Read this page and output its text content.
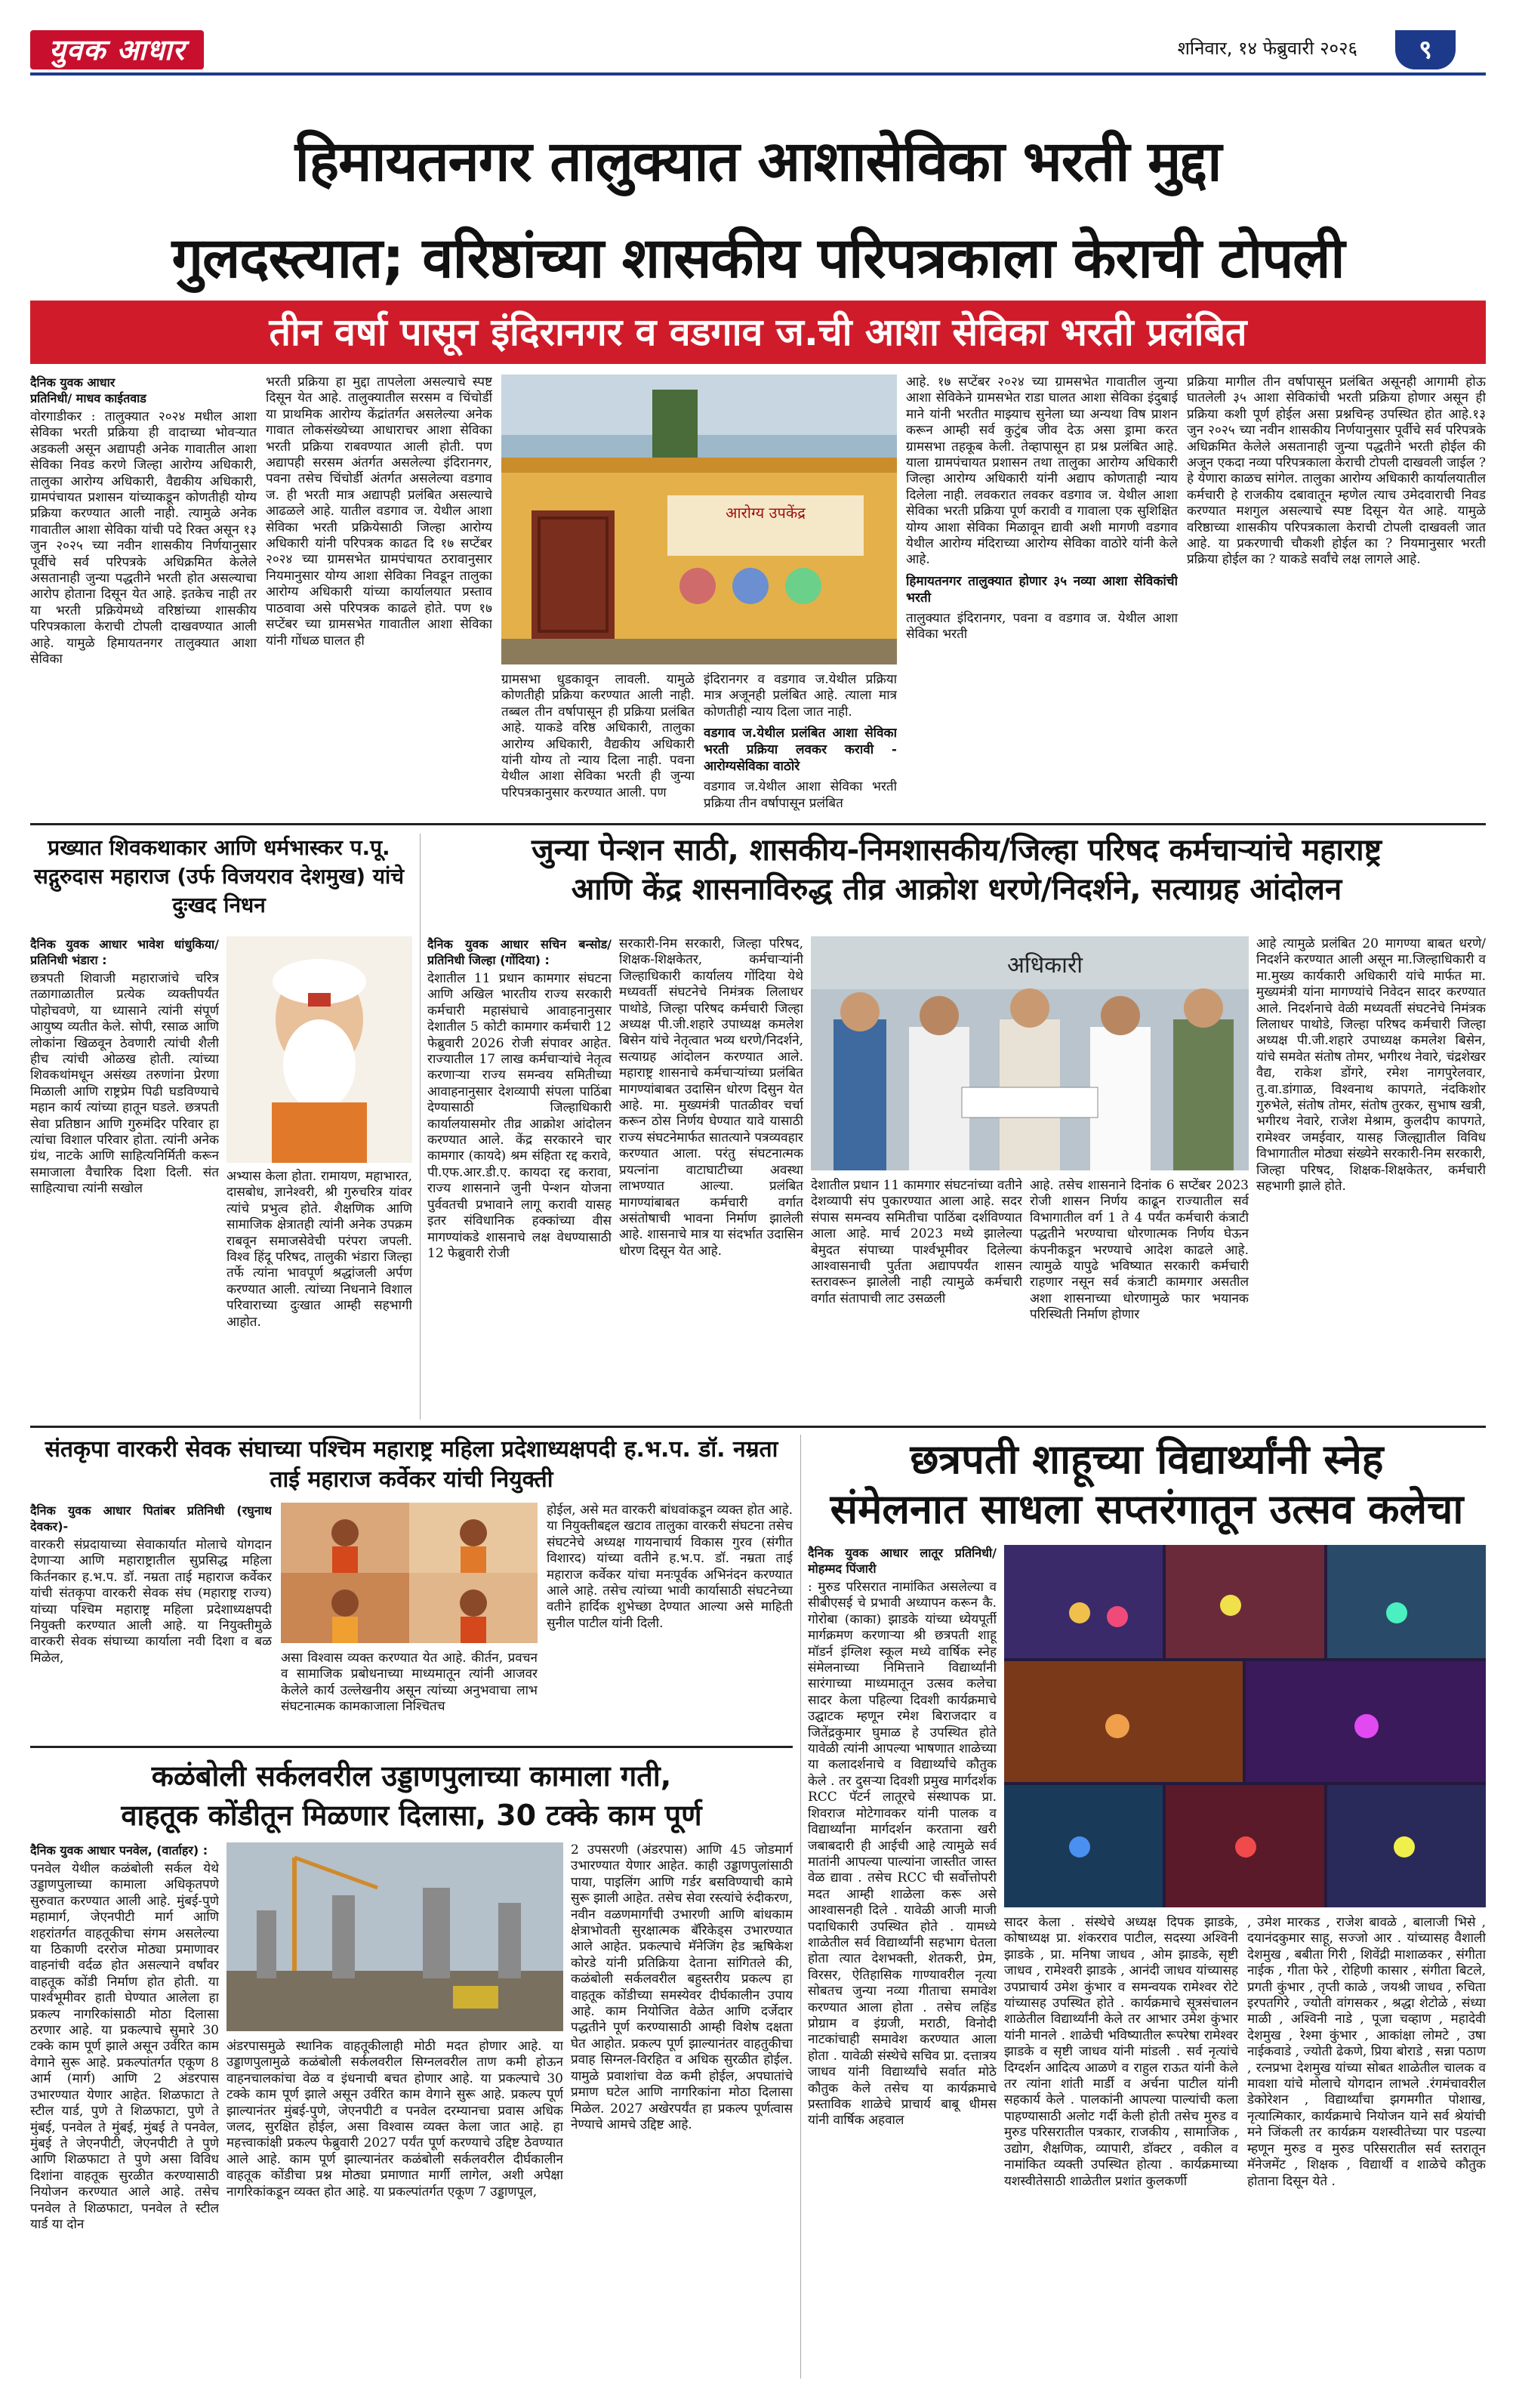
युवक आधार	शनिवार, १४ फेब्रुवारी २०२६	९
हिमायतनगर तालुक्यात आशासेविका भरती मुद्दा
गुलदस्त्यात; वरिष्ठांच्या शासकीय परिपत्रकाला केराची टोपली
तीन वर्षा पासून इंदिरानगर व वडगाव ज.ची आशा सेविका भरती प्रलंबित
दैनिक युवक आधार
प्रतिनिधी/ माधव काईतवाड
वोरगाडीकर : तालुक्यात २०२४ मधील आशा सेविका भरती प्रक्रिया ही वादाच्या भोवऱ्यात अडकली असून अद्यापही अनेक गावातील आशा सेविका निवड करणे जिल्हा आरोग्य अधिकारी, तालुका आरोग्य अधिकारी, वैद्यकीय अधिकारी, ग्रामपंचायत प्रशासन यांच्याकडून कोणतीही योग्य प्रक्रिया करण्यात आली नाही. त्यामुळे अनेक गावातील आशा सेविका यांची पदे रिक्त असून १३ जुन २०२५ च्या नवीन शासकीय निर्णयानुसार पूर्वीचे सर्व परिपत्रके अधिक्रमित केलेले असतानाही जुन्या पद्धतीने भरती होत असल्याचा आरोप होताना दिसून येत आहे. इतकेच नाही तर या भरती प्रक्रियेमध्ये वरिष्ठांच्या शासकीय परिपत्रकाला केराची टोपली दाखवण्यात आली आहे. यामुळे हिमायतनगर तालुक्यात आशा सेविका
भरती प्रक्रिया हा मुद्दा तापलेला असल्याचे स्पष्ट दिसून येत आहे. तालुक्यातील सरसम व चिंचोर्डी या प्राथमिक आरोग्य केंद्रांतर्गत असलेल्या अनेक गावात लोकसंख्येच्या आधाराचर आशा सेविका भरती प्रक्रिया राबवण्यात आली होती. पण अद्यापही सरसम अंतर्गत असलेल्या इंदिरानगर, पवना तसेच चिंचोर्डी अंतर्गत असलेल्या वडगाव ज. ही भरती मात्र अद्यापही प्रलंबित असल्याचे आढळले आहे. यातील वडगाव ज. येथील आशा सेविका भरती प्रक्रियेसाठी जिल्हा आरोग्य अधिकारी यांनी परिपत्रक काढत दि १७ सप्टेंबर २०२४ च्या ग्रामसभेत ग्रामपंचायत ठरावानुसार नियमानुसार योग्य आशा सेविका निवडून तालुका आरोग्य अधिकारी यांच्या कार्यालयात प्रस्ताव पाठवावा असे परिपत्रक काढले होते. पण १७ सप्टेंबर च्या ग्रामसभेत गावातील आशा सेविका यांनी गोंधळ घालत ही
आरोग्य उपकेंद्र
ग्रामसभा धुडकावून लावली. यामुळे कोणतीही प्रक्रिया करण्यात आली नाही. तब्बल तीन वर्षापासून ही प्रक्रिया प्रलंबित आहे. याकडे वरिष्ठ अधिकारी, तालुका आरोग्य अधिकारी, वैद्यकीय अधिकारी यांनी योग्य तो न्याय दिला नाही. पवना येथील आशा सेविका भरती ही जुन्या परिपत्रकानुसार करण्यात आली. पण
इंदिरानगर व वडगाव ज.येथील प्रक्रिया मात्र अजूनही प्रलंबित आहे. त्याला मात्र कोणतीही न्याय दिला जात नाही.
वडगाव ज.येथील प्रलंबित आशा सेविका भरती प्रक्रिया लवकर करावी - आरोग्यसेविका वाठोरे
वडगाव ज.येथील आशा सेविका भरती प्रक्रिया तीन वर्षापासून प्रलंबित
आहे. १७ सप्टेंबर २०२४ च्या ग्रामसभेत गावातील जुन्या आशा सेविकेने ग्रामसभेत राडा घालत आशा सेविका इंदुबाई माने यांनी भरतीत माझ्याच सुनेला घ्या अन्यथा विष प्राशन करून आम्ही सर्व कुटुंब जीव देऊ असा ड्रामा करत ग्रामसभा तहकूब केली. तेव्हापासून हा प्रश्न प्रलंबित आहे. याला ग्रामपंचायत प्रशासन तथा तालुका आरोग्य अधिकारी जिल्हा आरोग्य अधिकारी यांनी अद्याप कोणताही न्याय दिलेला नाही. लवकरात लवकर वडगाव ज. येथील आशा सेविका भरती प्रक्रिया पूर्ण करावी व गावाला एक सुशिक्षित योग्य आशा सेविका मिळावून द्यावी अशी मागणी वडगाव येथील आरोग्य मंदिराच्या आरोग्य सेविका वाठोरे यांनी केले आहे.
हिमायतनगर तालुक्यात होणार ३५ नव्या आशा सेविकांची भरती
तालुक्यात इंदिरानगर, पवना व वडगाव ज. येथील आशा सेविका भरती
प्रक्रिया मागील तीन वर्षापासून प्रलंबित असूनही आगामी होऊ घातलेली ३५ आशा सेविकांची भरती प्रक्रिया होणार असून ही प्रक्रिया कशी पूर्ण होईल असा प्रश्नचिन्ह उपस्थित होत आहे.१३ जुन २०२५ च्या नवीन शासकीय निर्णयानुसार पूर्वीचे सर्व परिपत्रके अधिक्रमित केलेले असतानाही जुन्या पद्धतीने भरती होईल की अजून एकदा नव्या परिपत्रकाला केराची टोपली दाखवली जाईल ? हे येणारा काळच सांगेल. तालुका आरोग्य अधिकारी कार्यालयातील कर्मचारी हे राजकीय दबावातून म्हणेल त्याच उमेदवाराची निवड करण्यात मशगुल असल्याचे स्पष्ट दिसून येत आहे. यामुळे वरिष्ठाच्या शासकीय परिपत्रकाला केराची टोपली दाखवली जात आहे. या प्रकरणाची चौकशी होईल का ? नियमानुसार भरती प्रक्रिया होईल का ? याकडे सर्वांचे लक्ष लागले आहे.
प्रख्यात शिवकथाकार आणि धर्मभास्कर प.पू. सद्गुरुदास महाराज (उर्फ विजयराव देशमुख) यांचे दुःखद निधन
दैनिक युवक आधार भावेश धांधुकिया/ प्रतिनिधी भंडारा :
छत्रपती शिवाजी महाराजांचे चरित्र तळागाळातील प्रत्येक व्यक्तीपर्यंत पोहोचवणे, या ध्यासाने त्यांनी संपूर्ण आयुष्य व्यतीत केले. सोपी, रसाळ आणि लोकांना खिळवून ठेवणारी त्यांची शैली हीच त्यांची ओळख होती. त्यांच्या शिवकथांमधून असंख्य तरुणांना प्रेरणा मिळाली आणि राष्ट्रप्रेम पिढी घडविण्याचे महान कार्य त्यांच्या हातून घडले. छत्रपती सेवा प्रतिष्ठान आणि गुरुमंदिर परिवार हा त्यांचा विशाल परिवार होता. त्यांनी अनेक ग्रंथ, नाटके आणि साहित्यनिर्मिती करून समाजाला वैचारिक दिशा दिली. संत साहित्याचा त्यांनी सखोल
अभ्यास केला होता. रामायण, महाभारत, दासबोध, ज्ञानेश्वरी, श्री गुरुचरित्र यांवर त्यांचे प्रभुत्व होते. शैक्षणिक आणि सामाजिक क्षेत्रातही त्यांनी अनेक उपक्रम राबवून समाजसेवेची परंपरा जपली. विश्व हिंदू परिषद, तालुकी भंडारा जिल्हा तर्फे त्यांना भावपूर्ण श्रद्धांजली अर्पण करण्यात आली. त्यांच्या निधनाने विशाल परिवाराच्या दुःखात आम्ही सहभागी आहोत.
जुन्या पेन्शन साठी, शासकीय-निमशासकीय/जिल्हा परिषद कर्मचाऱ्यांचे महाराष्ट्र
आणि केंद्र शासनाविरुद्ध तीव्र आक्रोश धरणे/निदर्शने, सत्याग्रह आंदोलन
दैनिक युवक आधार सचिन बन्सोड/प्रतिनिधी जिल्हा (गोंदिया) :
देशातील 11 प्रधान कामगार संघटना आणि अखिल भारतीय राज्य सरकारी कर्मचारी महासंघाचे आवाहनानुसार देशातील 5 कोटी कामगार कर्मचारी 12 फेब्रुवारी 2026 रोजी संपावर आहेत. राज्यातील 17 लाख कर्मचाऱ्यांचे नेतृत्व करणाऱ्या राज्य समन्वय समितीच्या आवाहनानुसार देशव्यापी संपला पाठिंबा देण्यासाठी जिल्हाधिकारी कार्यालयासमोर तीव्र आक्रोश आंदोलन करण्यात आले. केंद्र सरकारने चार कामगार (कायदे) श्रम संहिता रद्द करावे, पी.एफ.आर.डी.ए. कायदा रद्द करावा, राज्य शासनाने जुनी पेन्शन योजना पुर्ववतची प्रभावाने लागू करावी यासह इतर संविधानिक हक्कांच्या वीस मागण्यांकडे शासनाचे लक्ष वेधण्यासाठी 12 फेब्रुवारी रोजी
सरकारी-निम सरकारी, जिल्हा परिषद, शिक्षक-शिक्षकेतर, कर्मचाऱ्यांनी जिल्हाधिकारी कार्यालय गोंदिया येथे मध्यवर्ती संघटनेचे निमंत्रक लिलाधर पाथोडे, जिल्हा परिषद कर्मचारी जिल्हा अध्यक्ष पी.जी.शहारे उपाध्यक्ष कमलेश बिसेन यांचे नेतृत्वात भव्य धरणे/निदर्शने, सत्याग्रह आंदोलन करण्यात आले. महाराष्ट्र शासनाचे कर्मचाऱ्यांच्या प्रलंबित मागण्यांबाबत उदासिन धोरण दिसुन येत आहे. मा. मुख्यमंत्री पातळीवर चर्चा करून ठोस निर्णय घेण्यात यावे यासाठी राज्य संघटनेमार्फत सातत्याने पत्रव्यवहार करण्यात आला. परंतु संघटनात्मक प्रयत्नांना वाटाघाटीच्या अवस्था लाभण्यात आल्या. प्रलंबित मागण्यांबाबत कर्मचारी वर्गात असंतोषाची भावना निर्माण झालेली आहे. शासनाचे मात्र या संदर्भात उदासिन धोरण दिसून येत आहे.
अधिकारी
देशातील प्रधान 11 कामगार संघटनांच्या वतीने देशव्यापी संप पुकारण्यात आला आहे. सदर संपास समन्वय समितीचा पाठिंबा दर्शविण्यात आला आहे. मार्च 2023 मध्ये झालेल्या बेमुदत संपाच्या पार्श्वभूमीवर दिलेल्या आश्वासनाची पुर्तता अद्यापपर्यंत शासन स्तरावरून झालेली नाही त्यामुळे कर्मचारी वर्गात संतापाची लाट उसळली
आहे. तसेच शासनाने दिनांक 6 सप्टेंबर 2023 रोजी शासन निर्णय काढून राज्यातील सर्व विभागातील वर्ग 1 ते 4 पर्यंत कर्मचारी कंत्राटी पद्धतीने भरण्याचा धोरणात्मक निर्णय घेऊन कंपनीकडून भरण्याचे आदेश काढले आहे. त्यामुळे यापुढे भविष्यात सरकारी कर्मचारी राहणार नसून सर्व कंत्राटी कामगार असतील अशा शासनाच्या धोरणामुळे फार भयानक परिस्थिती निर्माण होणार
आहे त्यामुळे प्रलंबित 20 मागण्या बाबत धरणे/निदर्शने करण्यात आली असून मा.जिल्हाधिकारी व मा.मुख्य कार्यकारी अधिकारी यांचे मार्फत मा. मुख्यमंत्री यांना मागण्यांचे निवेदन सादर करण्यात आले. निदर्शनाचे वेळी मध्यवर्ती संघटनेचे निमंत्रक लिलाधर पाथोडे, जिल्हा परिषद कर्मचारी जिल्हा अध्यक्ष पी.जी.शहारे उपाध्यक्ष कमलेश बिसेन, यांचे समवेत संतोष तोमर, भगीरथ नेवारे, चंद्रशेखर वैद्य, राकेश डोंगरे, रमेश नागपुरेलवार, तु.वा.डांगाळ, विश्वनाथ कापगते, नंदकिशोर गुरुभेले, संतोष तोमर, संतोष तुरकर, सुभाष खत्री, भगीरथ नेवारे, राजेश मेश्राम, कुलदीप कापगते, रामेश्वर जमईवार, यासह जिल्ह्यातील विविध विभागातील मोठ्या संख्येने सरकारी-निम सरकारी, जिल्हा परिषद, शिक्षक-शिक्षकेतर, कर्मचारी सहभागी झाले होते.
संतकृपा वारकरी सेवक संघाच्या पश्चिम महाराष्ट्र महिला प्रदेशाध्यक्षपदी ह.भ.प. डॉ. नम्रता ताई महाराज कर्वेकर यांची नियुक्ती
दैनिक युवक आधार पितांबर प्रतिनिधी (रघुनाथ देवकर)-
वारकरी संप्रदायाच्या सेवाकार्यात मोलाचे योगदान देणाऱ्या आणि महाराष्ट्रातील सुप्रसिद्ध महिला किर्तनकार ह.भ.प. डॉ. नम्रता ताई महाराज कर्वेकर यांची संतकृपा वारकरी सेवक संघ (महाराष्ट्र राज्य) यांच्या पश्चिम महाराष्ट्र महिला प्रदेशाध्यक्षपदी नियुक्ती करण्यात आली आहे. या नियुक्तीमुळे वारकरी सेवक संघाच्या कार्याला नवी दिशा व बळ मिळेल,	असा विश्वास व्यक्त करण्यात येत आहे. कीर्तन, प्रवचन व सामाजिक प्रबोधनाच्या माध्यमातून त्यांनी आजवर केलेले कार्य उल्लेखनीय असून त्यांच्या अनुभवाचा लाभ संघटनात्मक कामकाजाला निश्चितच
होईल, असे मत वारकरी बांधवांकडून व्यक्त होत आहे. या नियुक्तीबद्दल खटाव तालुका वारकरी संघटना तसेच संघटनेचे अध्यक्ष गायनाचार्य विकास गुरव (संगीत विशारद) यांच्या वतीने ह.भ.प. डॉ. नम्रता ताई महाराज कर्वेकर यांचा मनःपूर्वक अभिनंदन करण्यात आले आहे. तसेच त्यांच्या भावी कार्यासाठी संघटनेच्या वतीने हार्दिक शुभेच्छा देण्यात आल्या असे माहिती सुनील पाटील यांनी दिली.
छत्रपती शाहूच्या विद्यार्थ्यांनी स्नेह
संमेलनात साधला सप्तरंगातून उत्सव कलेचा
दैनिक युवक आधार लातूर प्रतिनिधी/मोहम्मद पिंजारी
: मुरुड परिसरात नामांकित असलेल्या व सीबीएसई चे प्रभावी अध्यापन करून कै. गोरोबा (काका) झाडके यांच्या ध्येयपूर्ती मार्गक्रमण करणाऱ्या श्री छत्रपती शाहू मॉडर्न इंग्लिश स्कूल मध्ये वार्षिक स्नेह संमेलनाच्या निमित्ताने विद्यार्थ्यांनी सारंगाच्या माध्यमातून उत्सव कलेचा सादर केला पहिल्या दिवशी कार्यक्रमाचे उद्घाटक म्हणून रमेश बिराजदार व जितेंद्रकुमार घुमाळ हे उपस्थित होते यावेळी त्यांनी आपल्या भाषणात शाळेच्या या कलादर्शनाचे व विद्यार्थ्यांचे कौतुक केले . तर दुसऱ्या दिवशी प्रमुख मार्गदर्शक RCC पॅटर्न लातूरचे संस्थापक प्रा. शिवराज मोटेगावकर यांनी पालक व विद्यार्थ्यांना मार्गदर्शन करताना खरी जबाबदारी ही आईची आहे त्यामुळे सर्व मातांनी आपल्या पाल्यांना जास्तीत जास्त वेळ द्यावा . तसेच RCC ची सर्वोत्तोपरी मदत आम्ही शाळेला करू असे आश्वासनही दिले . यावेळी आजी माजी पदाधिकारी उपस्थित होते . यामध्ये शाळेतील सर्व विद्यार्थ्यांनी सहभाग घेतला होता त्यात देशभक्ती, शेतकरी, प्रेम, विरसर, ऐतिहासिक गाण्यावरील नृत्या सोबतच जुन्या नव्या गीताचा समावेश करण्यात आला होता . तसेच लहिंड प्रोग्राम व इंग्रजी, मराठी, विनोदी नाटकांचाही समावेश करण्यात आला होता . यावेळी संस्थेचे सचिव प्रा. दत्तात्रय जाधव यांनी विद्यार्थ्यांचे सर्वात मोठे कौतुक केले तसेच या कार्यक्रमाचे प्रस्ताविक शाळेचे प्राचार्य बाबू धीमस यांनी वार्षिक अहवाल
सादर केला . संस्थेचे अध्यक्ष दिपक झाडके, कोषाध्यक्ष प्रा. शंकरराव पाटील, सदस्या अश्विनी झाडके , प्रा. मनिषा जाधव , ओम झाडके, सृष्टी जाधव , रामेश्वरी झाडके , आनंदी जाधव यांच्यासह उपप्राचार्य उमेश कुंभार व समन्वयक रामेश्वर रोटे यांच्यासह उपस्थित होते . कार्यक्रमाचे सूत्रसंचालन शाळेतील विद्यार्थ्यांनी केले तर आभार उमेश कुंभार यांनी मानले . शाळेची भविष्यातील रूपरेषा रामेश्वर झाडके व सृष्टी जाधव यांनी मांडली . सर्व नृत्यांचे दिग्दर्शन आदित्य आळणे व राहुल राऊत यांनी केले तर त्यांना शांती मार्डी व अर्चना पाटील यांनी सहकार्य केले . पालकांनी आपल्या पाल्यांची कला पाहण्यासाठी अलोट गर्दी केली होती तसेच मुरुड व मुरुड परिसरातील पत्रकार, राजकीय , सामाजिक , उद्योग, शैक्षणिक, व्यापारी, डॉक्टर , वकील व नामांकित व्यक्ती उपस्थित होत्या . कार्यक्रमाच्या यशस्वीतेसाठी शाळेतील प्रशांत कुलकर्णी
, उमेश मारकड , राजेश बावळे , बालाजी भिसे , दयानंदकुमार साहू, सज्जो आर . यांच्यासह वैशाली देशमुख , बबीता गिरी , शिवेंद्री माशाळकर , संगीता नाईक , गीता फेरे , रोहिणी कासार , संगीता बिटले, प्रगती कुंभार , तृप्ती काळे , जयश्री जाधव , रुचिता इरपतगिरे , ज्योती वांगसकर , श्रद्धा शेटोळे , संध्या माळी , अश्विनी नाडे , पूजा चव्हाण , महादेवी देशमुख , रेश्मा कुंभार , आकांक्षा लोमटे , उषा नाईकवाडे , ज्योती ढेकणे, प्रिया बोराडे , सन्ना पठाण , रत्नप्रभा देशमुख यांच्या सोबत शाळेतील चालक व मावशा यांचे मोलाचे योगदान लाभले .रंगमंचावरील डेकोरेशन , विद्यार्थ्यांचा झगमगीत पोशाख, नृत्यात्मिकार, कार्यक्रमाचे नियोजन याने सर्व श्रेयांची मने जिंकली तर कार्यक्रम यशस्वीतेच्या पार पडल्या म्हणून मुरुड व मुरुड परिसरातील सर्व स्तरातून मॅनेजमेंट , शिक्षक , विद्यार्थी व शाळेचे कौतुक होताना दिसून येते .
कळंबोली सर्कलवरील उड्डाणपुलाच्या कामाला गती,
वाहतूक कोंडीतून मिळणार दिलासा, 30 टक्के काम पूर्ण
दैनिक युवक आधार पनवेल, (वार्ताहर) :
पनवेल येथील कळंबोली सर्कल येथे उड्डाणपुलाच्या कामाला अधिकृतपणे सुरुवात करण्यात आली आहे. मुंबई-पुणे महामार्ग, जेएनपीटी मार्ग आणि शहरांतर्गत वाहतूकीचा संगम असलेल्या या ठिकाणी दररोज मोठ्या प्रमाणावर वाहनांची वर्दळ होत असल्याने वर्षांवर वाहतूक कोंडी निर्माण होत होती. या पार्श्वभूमीवर हाती घेण्यात आलेला हा प्रकल्प नागरिकांसाठी मोठा दिलासा ठरणार आहे. या प्रकल्पाचे सुमारे 30 टक्के काम पूर्ण झाले असून उर्वरित काम वेगाने सुरू आहे. प्रकल्पांतर्गत एकूण 8 आर्म (मार्ग) आणि 2 अंडरपास उभारण्यात येणार आहेत. शिळफाटा ते स्टील यार्ड, पुणे ते शिळफाटा, पुणे ते मुंबई, पनवेल ते मुंबई, मुंबई ते पनवेल, मुंबई ते जेएनपीटी, जेएनपीटी ते पुणे आणि शिळफाटा ते पुणे असा विविध दिशांना वाहतूक सुरळीत करण्यासाठी नियोजन करण्यात आले आहे. तसेच पनवेल ते शिळफाटा, पनवेल ते स्टील यार्ड या दोन
अंडरपासमुळे स्थानिक वाहतूकीलाही मोठी मदत होणार आहे. या उड्डाणपुलामुळे कळंबोली सर्कलवरील सिग्नलवरील ताण कमी होऊन वाहनचालकांचा वेळ व इंधनाची बचत होणार आहे. या प्रकल्पाचे 30 टक्के काम पूर्ण झाले असून उर्वरित काम वेगाने सुरू आहे. प्रकल्प पूर्ण झाल्यानंतर मुंबई-पुणे, जेएनपीटी व पनवेल दरम्यानचा प्रवास अधिक जलद, सुरक्षित होईल, असा विश्वास व्यक्त केला जात आहे. हा महत्त्वाकांक्षी प्रकल्प फेब्रुवारी 2027 पर्यंत पूर्ण करण्याचे उद्दिष्ट ठेवण्यात आले आहे. काम पूर्ण झाल्यानंतर कळंबोली सर्कलवरील दीर्घकालीन वाहतूक कोंडीचा प्रश्न मोठ्या प्रमाणात मार्गी लागेल, अशी अपेक्षा नागरिकांकडून व्यक्त होत आहे. या प्रकल्पांतर्गत एकूण 7 उड्डाणपूल,
2 उपसरणी (अंडरपास) आणि 45 जोडमार्ग उभारण्यात येणार आहेत. काही उड्डाणपुलांसाठी पाया, पाइलिंग आणि गर्डर बसविण्याची कामे सुरू झाली आहेत. तसेच सेवा रस्त्यांचे रुंदीकरण, नवीन वळणमार्गांची उभारणी आणि बांधकाम क्षेत्राभोवती सुरक्षात्मक बॅरिकेड्स उभारण्यात आले आहेत. प्रकल्पाचे मॅनेजिंग हेड ऋषिकेश कोरडे यांनी प्रतिक्रिया देताना सांगितले की, कळंबोली सर्कलवरील बहुस्तरीय प्रकल्प हा वाहतूक कोंडीच्या समस्येवर दीर्घकालीन उपाय आहे. काम नियोजित वेळेत आणि दर्जेदार पद्धतीने पूर्ण करण्यासाठी आम्ही विशेष दक्षता घेत आहोत. प्रकल्प पूर्ण झाल्यानंतर वाहतुकीचा प्रवाह सिग्नल-विरहित व अधिक सुरळीत होईल. यामुळे प्रवाशांचा वेळ कमी होईल, अपघातांचे प्रमाण घटेल आणि नागरिकांना मोठा दिलासा मिळेल. 2027 अखेरपर्यंत हा प्रकल्प पूर्णत्वास नेण्याचे आमचे उद्दिष्ट आहे.
